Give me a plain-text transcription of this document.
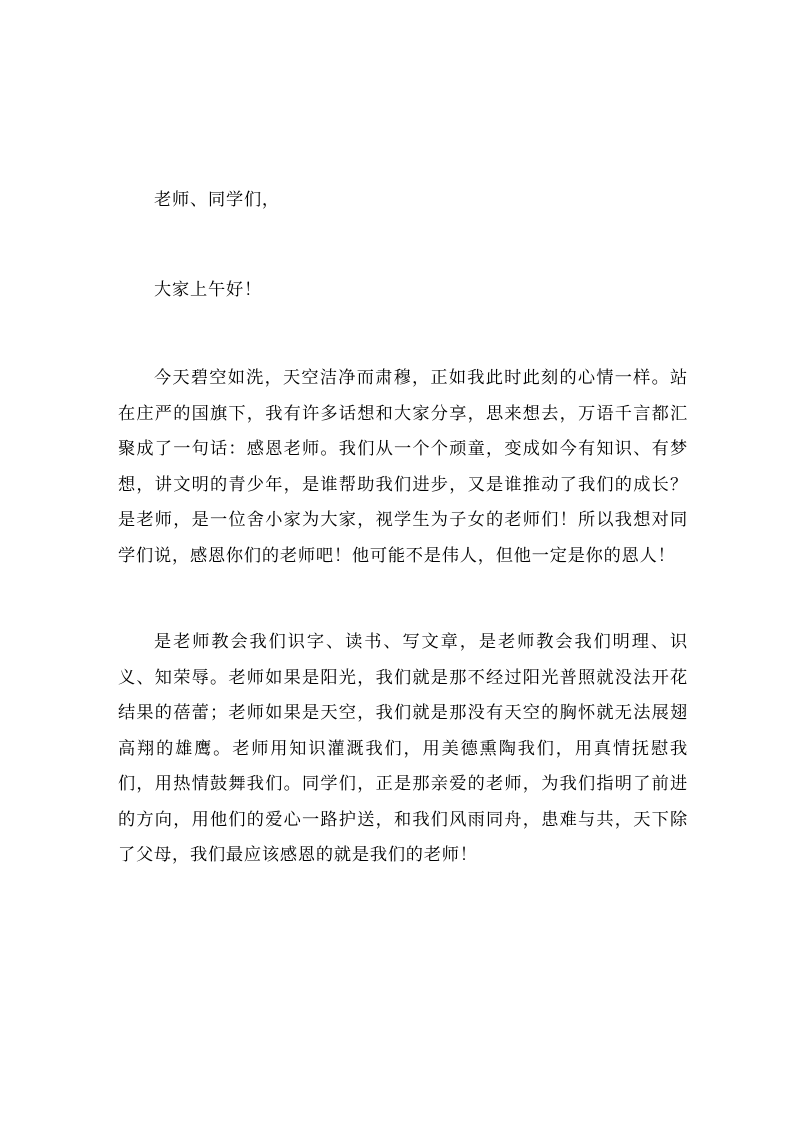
老师、同学们，

大家上午好！

今天碧空如洗，天空洁净而肃穆，正如我此时此刻的心情一样。站在庄严的国旗下，我有许多话想和大家分享，思来想去，万语千言都汇聚成了一句话：感恩老师。我们从一个个顽童，变成如今有知识、有梦想，讲文明的青少年，是谁帮助我们进步，又是谁推动了我们的成长？是老师，是一位舍小家为大家，视学生为子女的老师们！所以我想对同学们说，感恩你们的老师吧！他可能不是伟人，但他一定是你的恩人！

是老师教会我们识字、读书、写文章，是老师教会我们明理、识义、知荣辱。老师如果是阳光，我们就是那不经过阳光普照就没法开花结果的蓓蕾；老师如果是天空，我们就是那没有天空的胸怀就无法展翅高翔的雄鹰。老师用知识灌溉我们，用美德熏陶我们，用真情抚慰我们，用热情鼓舞我们。同学们，正是那亲爱的老师，为我们指明了前进的方向，用他们的爱心一路护送，和我们风雨同舟，患难与共，天下除了父母，我们最应该感恩的就是我们的老师！
